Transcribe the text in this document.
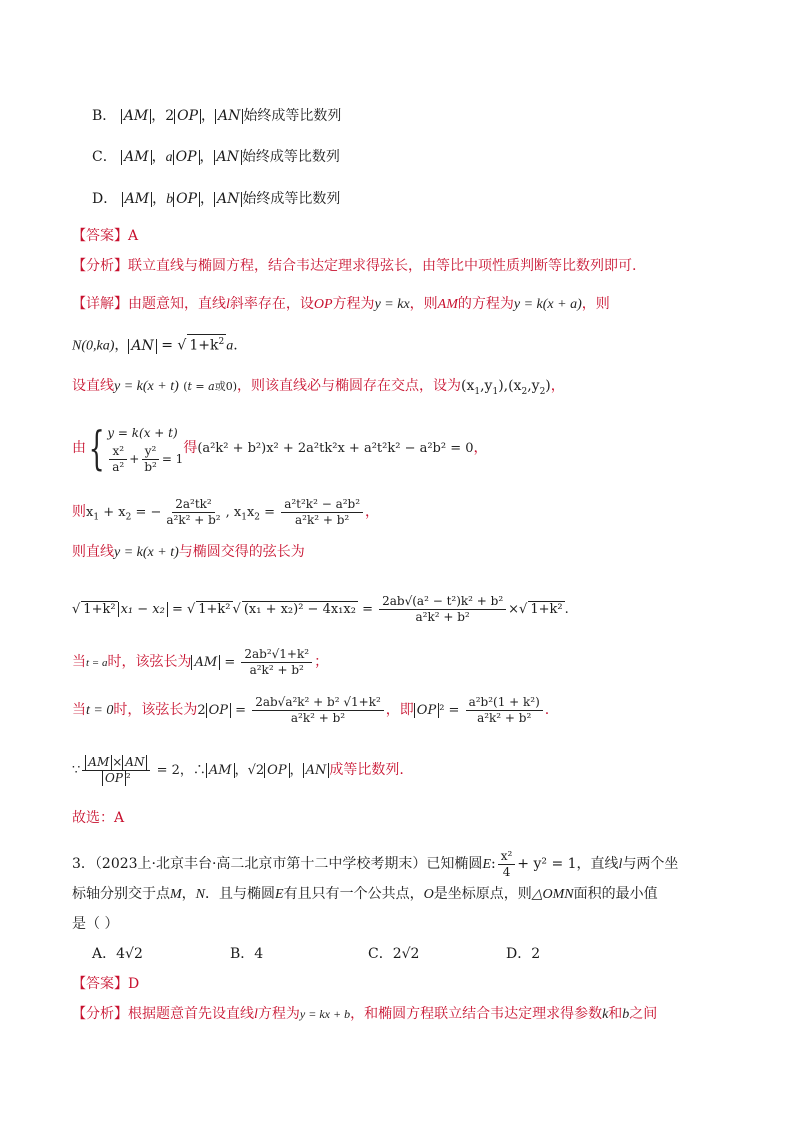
B． AM ，2 OP ， AN 始终成等比数列
C． AM ，a OP ， AN 始终成等比数列
D． AM ，b OP ， AN 始终成等比数列
【答案】A
【分析】联立直线与椭圆方程，结合韦达定理求得弦长，由等比中项性质判断等比数列即可.
【详解】由题意知，直线l斜率存在，设OP方程为y = kx，则AM的方程为y = k(x + a)，则
N(0,ka)， AN = √ $1+k^2$ a.
设直线y = k(x + t) (t = a或0)，则该直线必与椭圆存在交点，设为$(x_1,y_1),(x_2,y_2)$，
由{ y = k(x + t)
$\frac{\text{x²}}{\text{a²}} + \frac{\text{y²}}{\text{b²}} = 1$
得(a²k² + b²)x² + 2a²tk²x + a²t²k² − a²b² = 0，
则$x_1 + x_2$ = − $\frac{\text{2a²tk²}}{\text{a²k² + b²}}$ , $x_1x_2 = \frac{\text{a²t²k² − a²b²}}{\text{a²k² + b²}}$ ，
则直线y = k(x + t)与椭圆交得的弦长为
√ 1+k² x₁ − x₂ = √ 1+k² √ $(x_1 + x_2)^2 - 4x_1x_2 = \frac{\text{2ab√(a² − t²)k² + b²}}{\text{a²k² + b²}}$ ×√ 1+k² .
当t = a时，该弦长为 AM = $\frac{\text{2ab²√1+k²}}{\text{a²k² + b²}}$ ；
当t = 0时，该弦长为2 OP = $\frac{\text{2ab√a²k² + b² √1+k²}}{\text{a²k² + b²}}$ ，即 OP $^2 = \frac{\text{a²b²(1 + k²)}}{\text{a²k² + b²}}$ .
∵ $\frac{AM \times AN}{\text{OP ²}} = 2$，∴ AM ，√2 OP ， AN 成等比数列.
故选：A
3．（2023上·北京丰台·高二北京市第十二中学校考期末）已知椭圆E: $\frac{\text{x²}}{4} + y^2 = 1$，直线l与两个坐
标轴分别交于点M，N．且与椭圆E有且只有一个公共点，O是坐标原点，则△OMN面积的最小值
是（ ）
A．4√2	B．4	C．2√2	D．2
【答案】D
【分析】根据题意首先设直线l方程为y = kx + b，和椭圆方程联立结合韦达定理求得参数k和b之间
